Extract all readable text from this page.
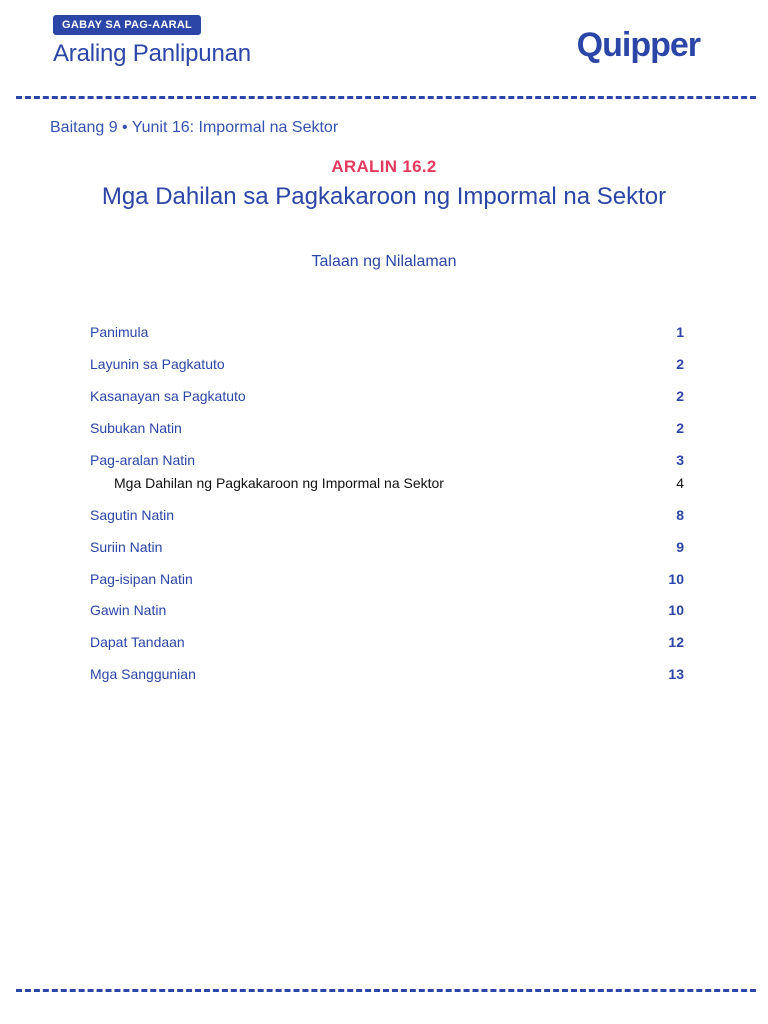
GABAY SA PAG-AARAL
Araling Panlipunan	Quipper
Baitang 9 • Yunit 16: Impormal na Sektor
ARALIN 16.2
Mga Dahilan sa Pagkakaroon ng Impormal na Sektor
Talaan ng Nilalaman
Panimula	1
Layunin sa Pagkatuto	2
Kasanayan sa Pagkatuto	2
Subukan Natin	2
Pag-aralan Natin	3
Mga Dahilan ng Pagkakaroon ng Impormal na Sektor	4
Sagutin Natin	8
Suriin Natin	9
Pag-isipan Natin	10
Gawin Natin	10
Dapat Tandaan	12
Mga Sanggunian	13
